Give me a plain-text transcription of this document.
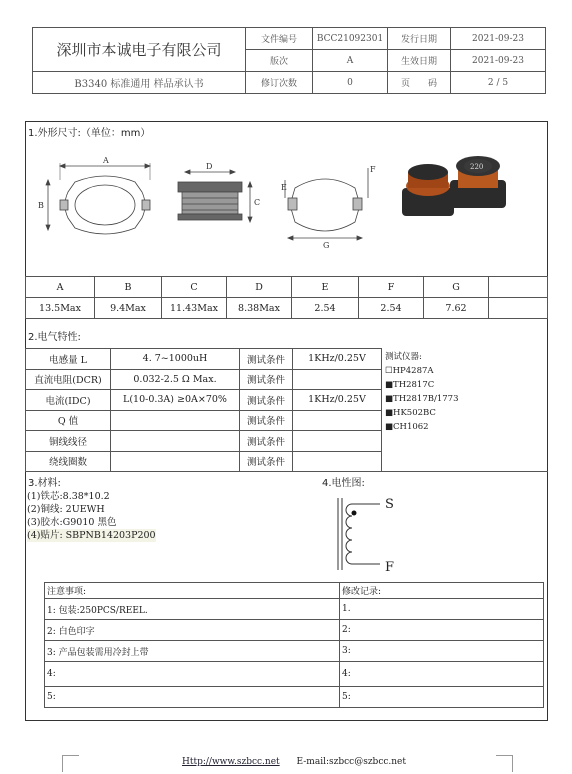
深圳市本诚电子有限公司	文件编号	BCC21092301	发行日期	2021-09-23
	版次	A	生效日期	2021-09-23
B3340 标准通用 样品承认书	修订次数	0	页　　码	2 / 5
1.外形尺寸:（单位：mm）
A
B
D
C
E
F
G
220
A	B	C	D	E	F	G	
13.5Max	9.4Max	11.43Max	8.38Max	2.54	2.54	7.62	
2.电气特性:
电感量 L	4. 7~1000uH	测试条件	1KHz/0.25V
直流电阻(DCR)	0.032-2.5 Ω Max.	测试条件	
电流(IDC)	L(10-0.3A) ≥0A×70%	测试条件	1KHz/0.25V
Q 值		测试条件	
铜线线径		测试条件	
绕线圈数		测试条件	
测试仪器:
☐HP4287A
■TH2817C
■TH2817B/1773
■HK502BC
■CH1062
3.材料:
(1)铁芯:8.38*10.2
(2)铜线: 2UEWH
(3)胶水:G9010 黑色
(4)贴片: SBPNB14203P200
4.电性图:
S
F
注意事项:	修改记录:
1: 包装:250PCS/REEL.	1.
2: 白色印字	2:
3: 产品包装需用冷封上带	3:
4:	4:
5:	5:
Http://www.szbcc.net E-mail:szbcc@szbcc.net
